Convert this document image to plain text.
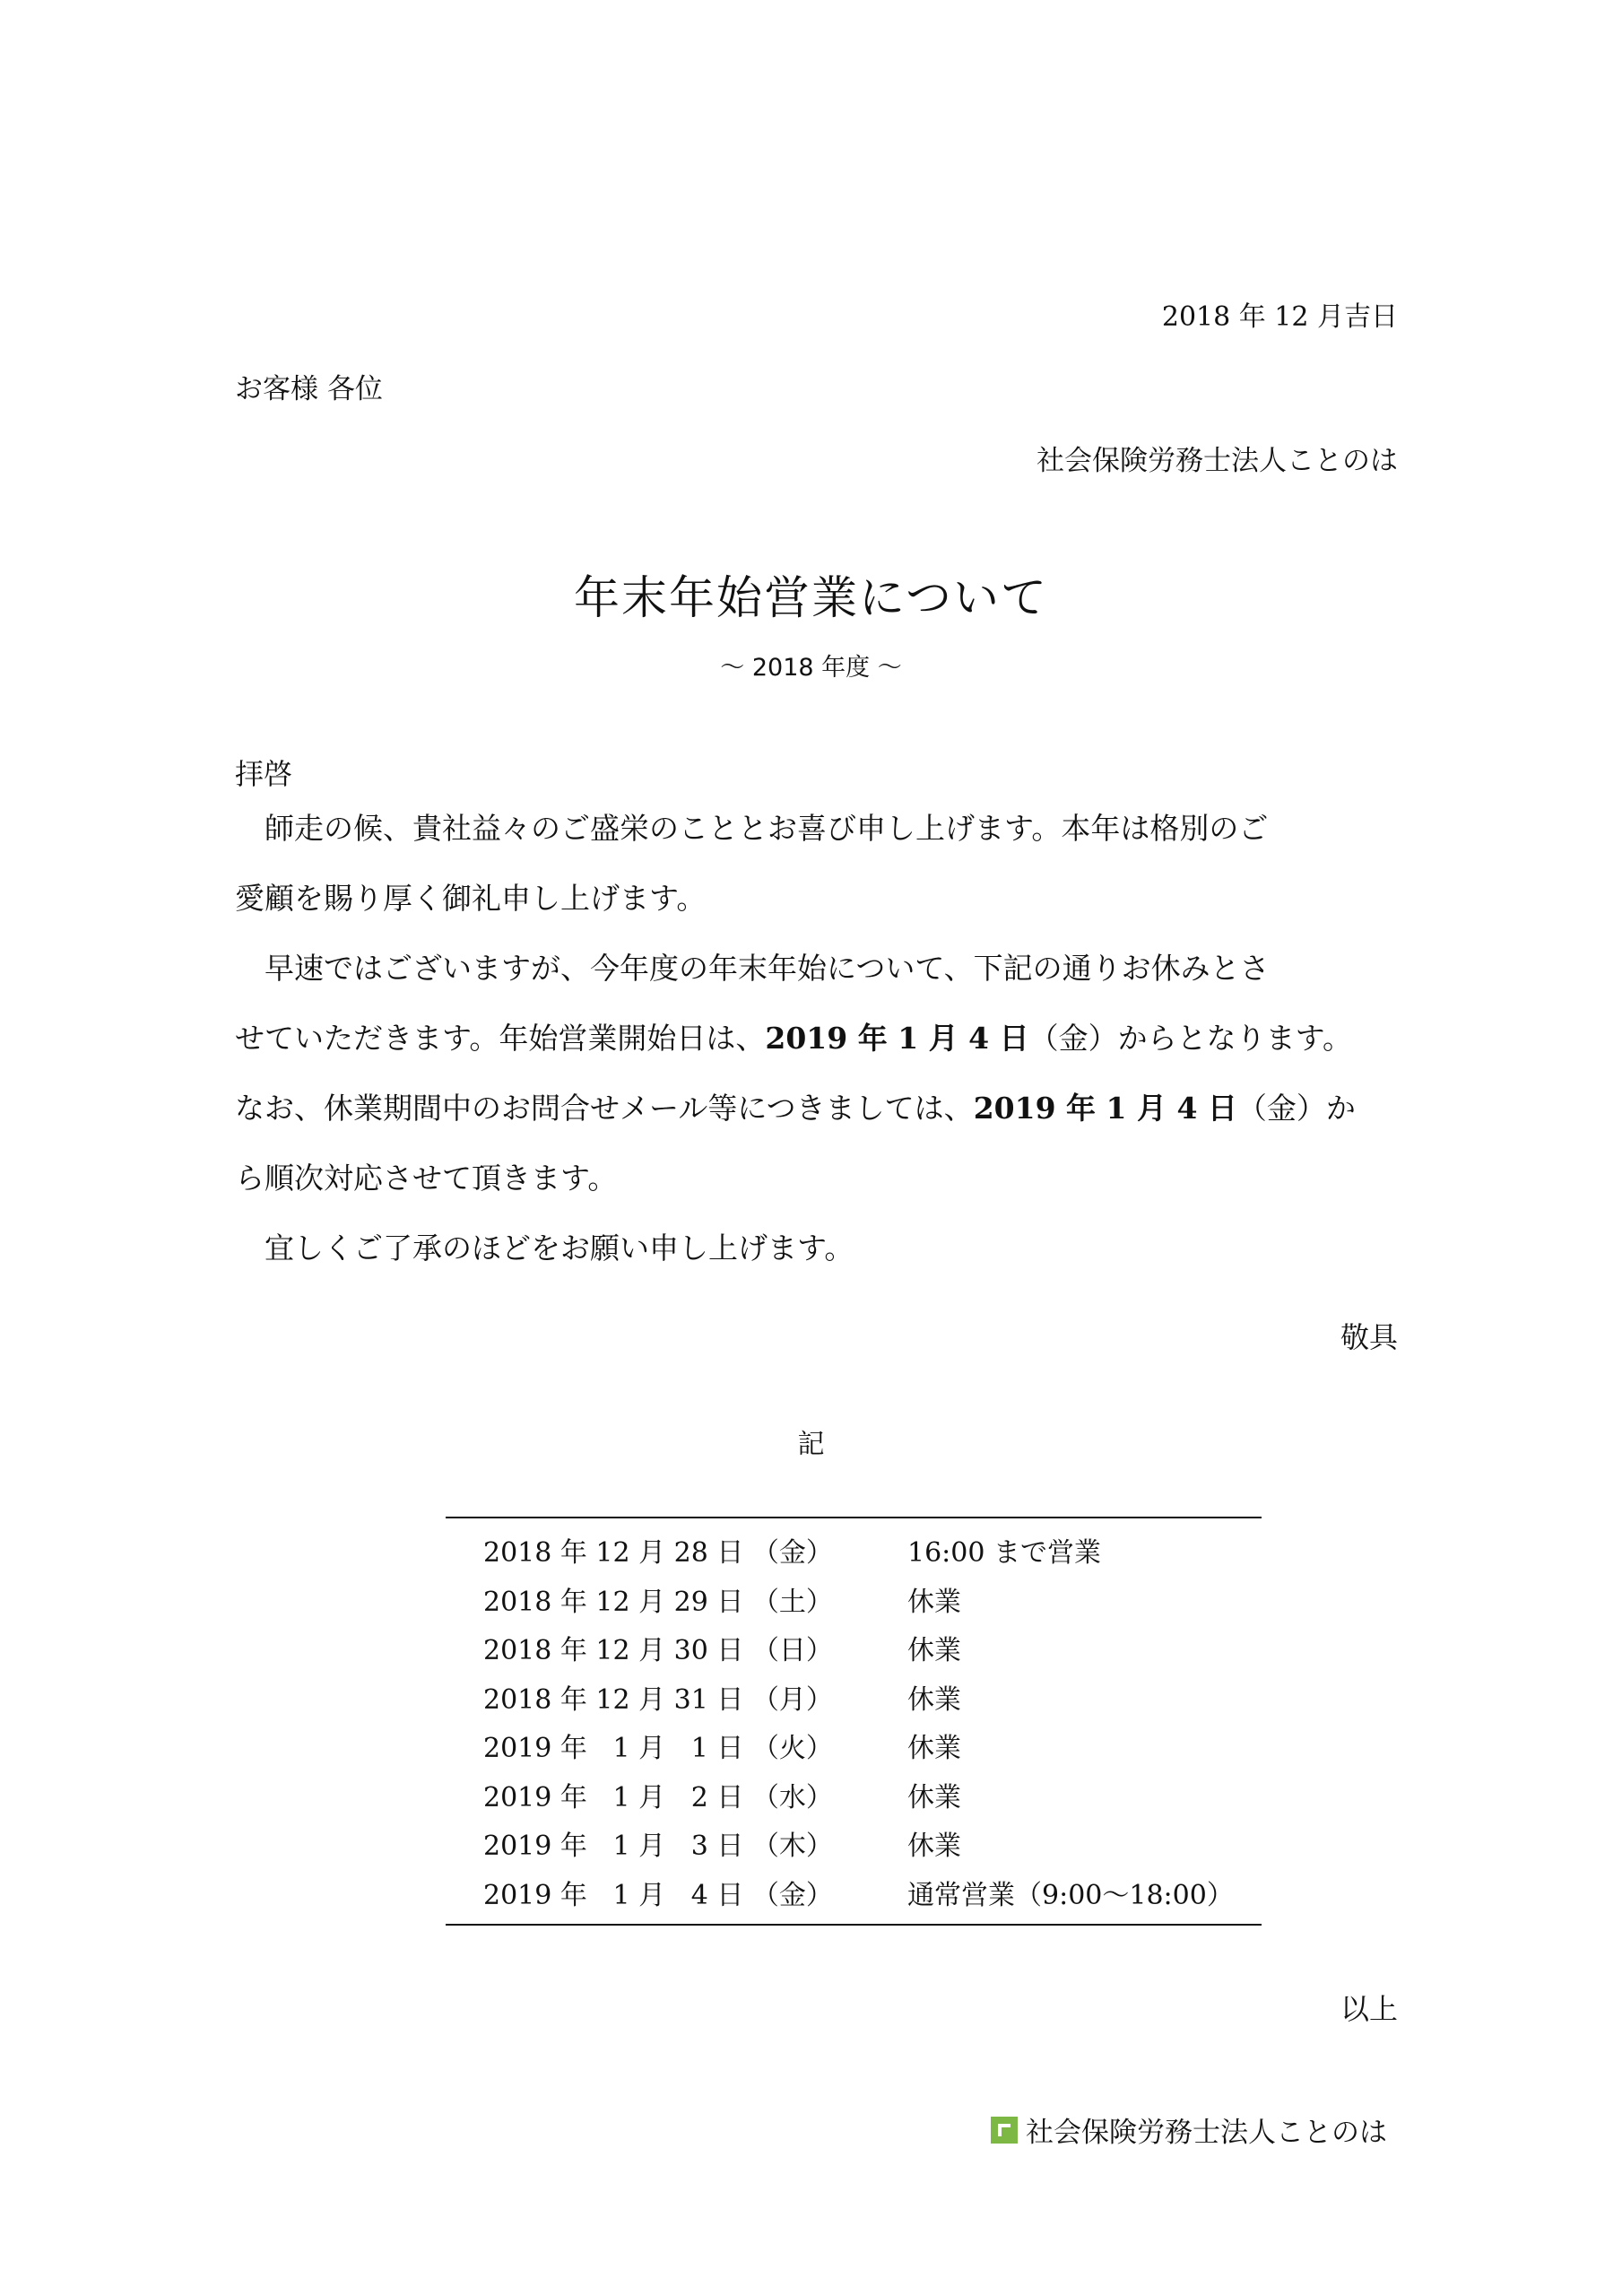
2018 年 12 月吉日
お客様 各位
社会保険労務士法人ことのは
年末年始営業について
～ 2018 年度 ～
拝啓

師走の候、貴社益々のご盛栄のこととお喜び申し上げます。本年は格別のご

愛顧を賜り厚く御礼申し上げます。

早速ではございますが、今年度の年末年始について、下記の通りお休みとさ

せていただきます。年始営業開始日は、2019 年 1 月 4 日（金）からとなります。

なお、休業期間中のお問合せメール等につきましては、2019 年 1 月 4 日（金）か

ら順次対応させて頂きます。

宜しくご了承のほどをお願い申し上げます。

敬具
記
2018 年 12 月 28 日 （金）	16:00 まで営業
2018 年 12 月 29 日 （土）	休業
2018 年 12 月 30 日 （日）	休業
2018 年 12 月 31 日 （月）	休業
2019 年   1 月   1 日 （火）	休業
2019 年   1 月   2 日 （水）	休業
2019 年   1 月   3 日 （木）	休業
2019 年   1 月   4 日 （金）	通常営業（9:00～18:00）
以上
社会保険労務士法人ことのは
